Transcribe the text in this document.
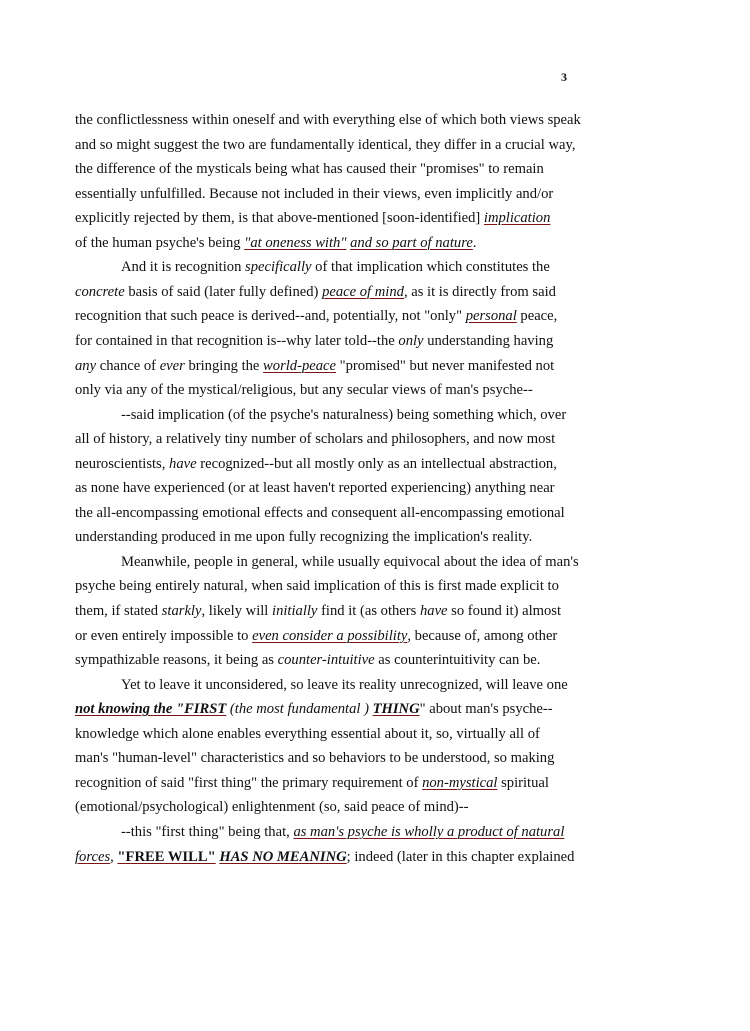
3
the conflictlessness within oneself and with everything else of which both views speak
and so might suggest the two are fundamentally identical, they differ in a crucial way,
the difference of the mysticals being what has caused their "promises" to remain
essentially unfulfilled. Because not included in their views, even implicitly and/or
explicitly rejected by them, is that above-mentioned [soon-identified] implication
of the human psyche's being "at oneness with" and so part of nature.
And it is recognition specifically of that implication which constitutes the
concrete basis of said (later fully defined) peace of mind, as it is directly from said
recognition that such peace is derived--and, potentially, not "only" personal peace,
for contained in that recognition is--why later told--the only understanding having
any chance of ever bringing the world-peace "promised" but never manifested not
only via any of the mystical/religious, but any secular views of man's psyche--
--said implication (of the psyche's naturalness) being something which, over
all of history, a relatively tiny number of scholars and philosophers, and now most
neuroscientists, have recognized--but all mostly only as an intellectual abstraction,
as none have experienced (or at least haven't reported experiencing) anything near
the all-encompassing emotional effects and consequent all-encompassing emotional
understanding produced in me upon fully recognizing the implication's reality.
Meanwhile, people in general, while usually equivocal about the idea of man's
psyche being entirely natural, when said implication of this is first made explicit to
them, if stated starkly, likely will initially find it (as others have so found it) almost
or even entirely impossible to even consider a possibility, because of, among other
sympathizable reasons, it being as counter-intuitive as counterintuitivity can be.
Yet to leave it unconsidered, so leave its reality unrecognized, will leave one
not knowing the "FIRST (the most fundamental ) THING" about man's psyche--
knowledge which alone enables everything essential about it, so, virtually all of
man's "human-level" characteristics and so behaviors to be understood, so making
recognition of said "first thing" the primary requirement of non-mystical spiritual
(emotional/psychological) enlightenment (so, said peace of mind)--
--this "first thing" being that, as man's psyche is wholly a product of natural
forces, "FREE WILL" HAS NO MEANING; indeed (later in this chapter explained
